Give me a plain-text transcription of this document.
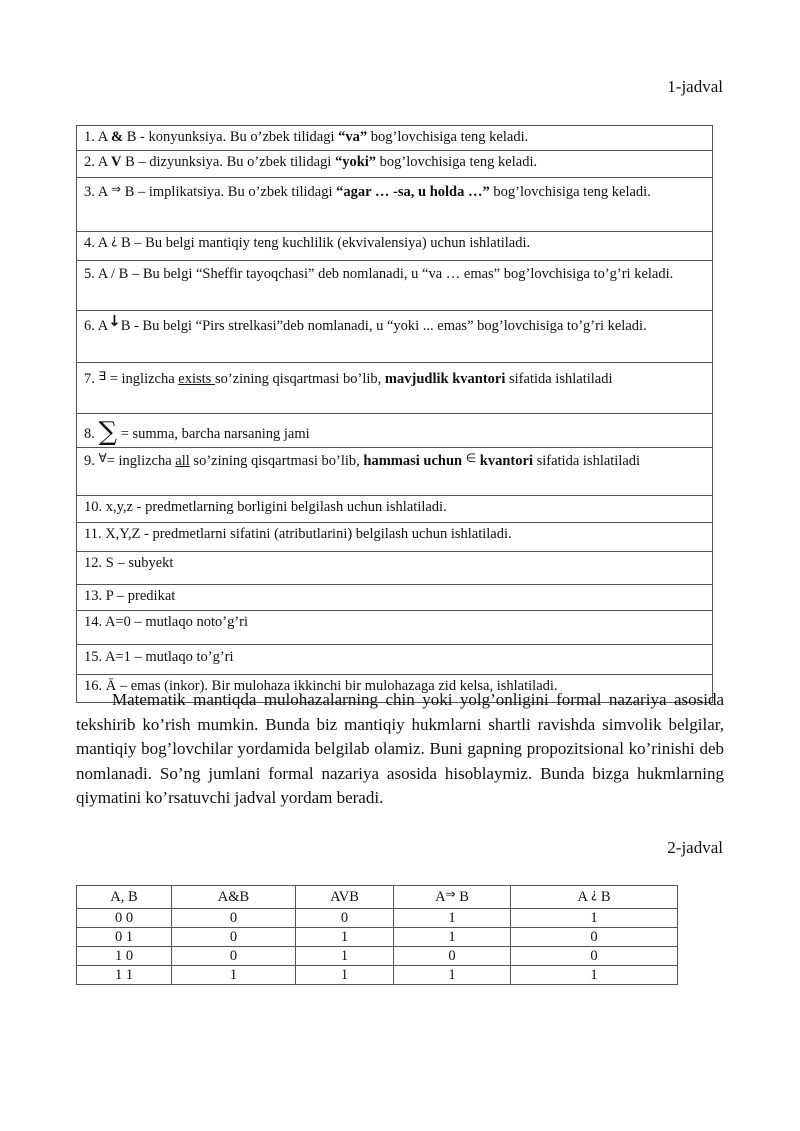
1-jadval
1. A & B - konyunksiya. Bu o’zbek tilidagi “va” bog’lovchisiga teng keladi.
2. A V B – dizyunksiya. Bu o’zbek tilidagi “yoki” bog’lovchisiga teng keladi.
3. A ⇒ B – implikatsiya. Bu o’zbek tilidagi “agar … -sa, u holda …” bog’lovchisiga teng keladi.
4. A ¿ B – Bu belgi mantiqiy teng kuchlilik (ekvivalensiya) uchun ishlatiladi.
5. A / B – Bu belgi “Sheffir tayoqchasi” deb nomlanadi, u “va … emas” bog’lovchisiga to’g’ri keladi.
6. A↓B - Bu belgi “Pirs strelkasi”deb nomlanadi, u “yoki ... emas” bog’lovchisiga to’g’ri keladi.
7. ∃ = inglizcha exists so’zining qisqartmasi bo’lib, mavjudlik kvantori sifatida ishlatiladi
8. ∑ = summa, barcha narsaning jami
9. ∀= inglizcha all so’zining qisqartmasi bo’lib, hammasi uchun ∈ kvantori sifatida ishlatiladi
10. x,y,z - predmetlarning borligini belgilash uchun ishlatiladi.
11. X,Y,Z - predmetlarni sifatini (atributlarini) belgilash uchun ishlatiladi.
12. S – subyekt
13. P – predikat
14. A=0 – mutlaqo noto’g’ri
15. A=1 – mutlaqo to’g’ri
16. Ā – emas (inkor). Bir mulohaza ikkinchi bir mulohazaga zid kelsa, ishlatiladi.

Matematik mantiqda mulohazalarning chin yoki yolg’onligini formal nazariya asosida tekshirib ko’rish mumkin. Bunda biz mantiqiy hukmlarni shartli ravishda simvolik belgilar, mantiqiy bog’lovchilar yordamida belgilab olamiz. Buni gapning propozitsional ko’rinishi deb nomlanadi. So’ng jumlani formal nazariya asosida hisoblaymiz. Bunda bizga hukmlarning qiymatini ko’rsatuvchi jadval yordam beradi.

2-jadval
A, B	A&B	AVB	A⇒ B	A ¿ B
0 0	0	0	1	1
0 1	0	1	1	0
1 0	0	1	0	0
1 1	1	1	1	1
